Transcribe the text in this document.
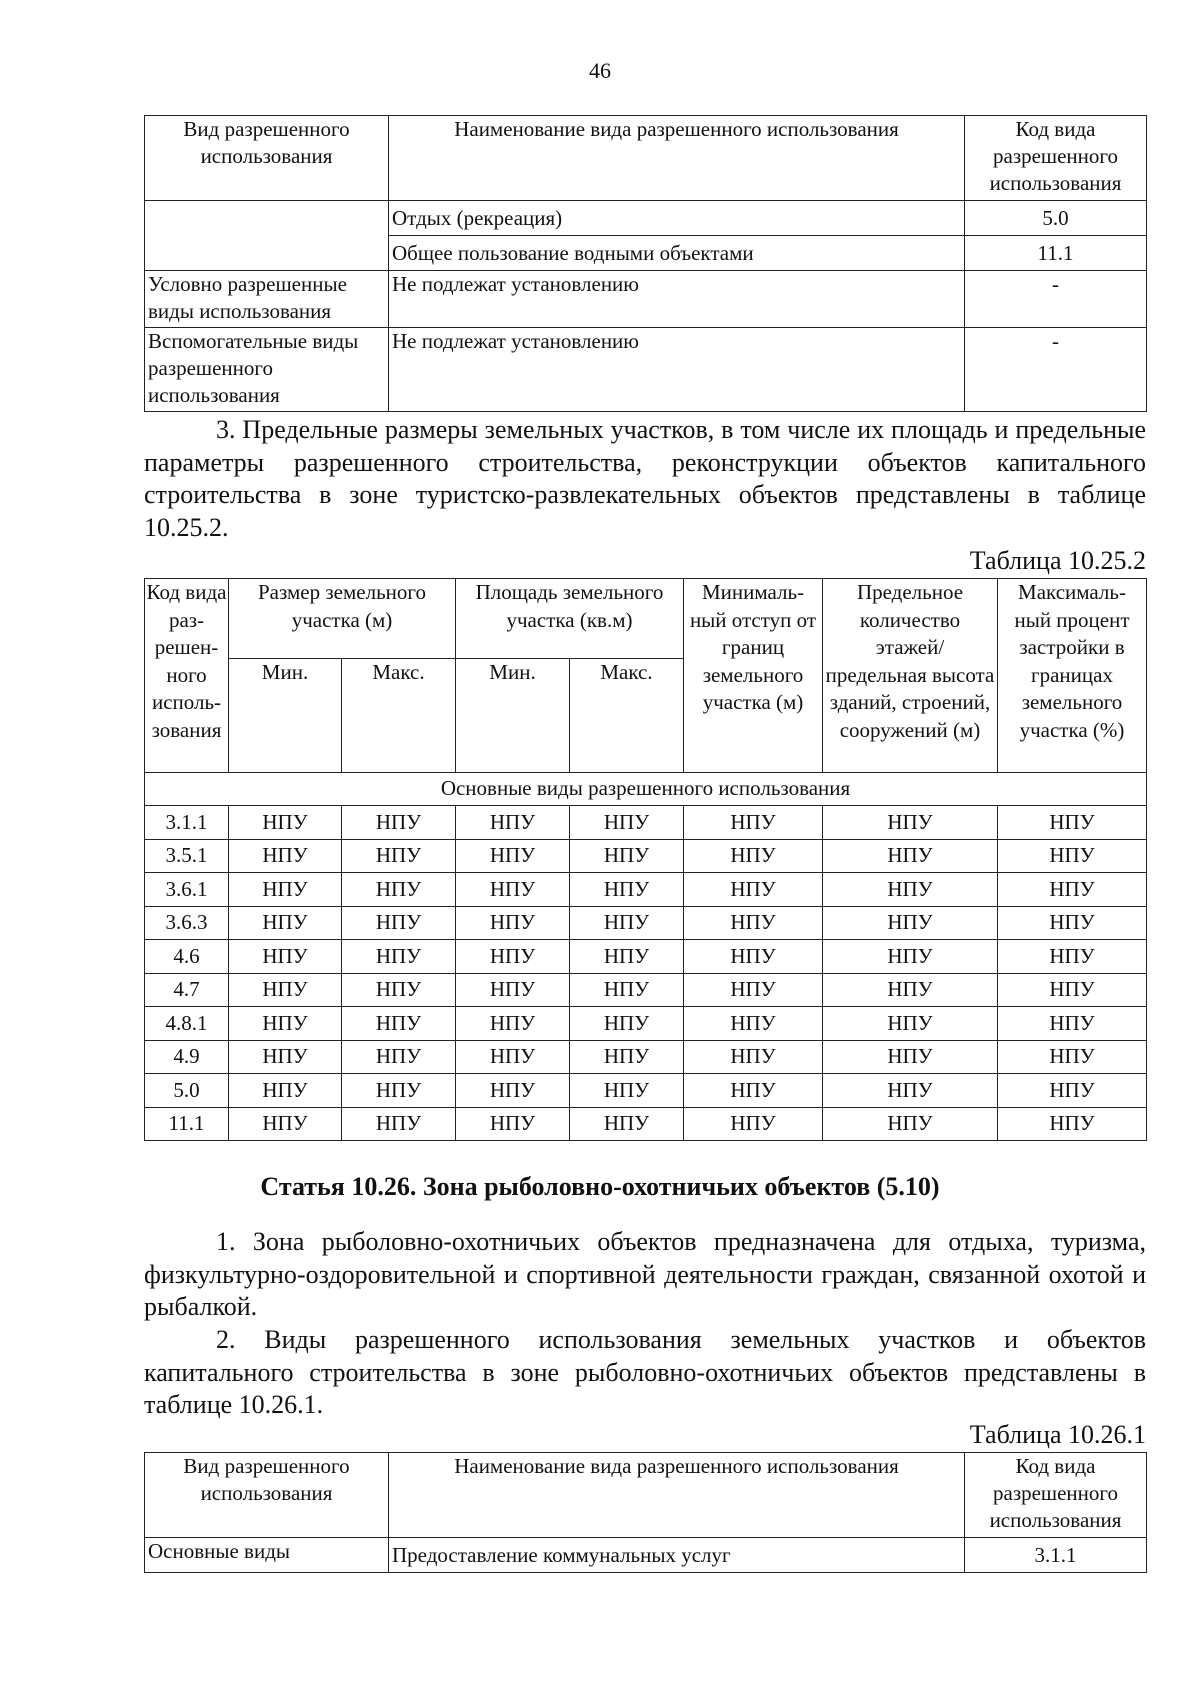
46
Вид разрешенного использования	Наименование вида разрешенного использования	Код вида разрешенного использования
	Отдых (рекреация)	5.0
	Общее пользование водными объектами	11.1
Условно разрешенные виды использования	Не подлежат установлению	-
Вспомогательные виды разрешенного использования	Не подлежат установлению	-

3. Предельные размеры земельных участков, в том числе их площадь и предельные параметры разрешенного строительства, реконструкции объектов капитального строительства в зоне туристско-развлекательных объектов представлены в таблице 10.25.2.

Таблица 10.25.2
Код вида раз- решен- ного исполь- зования	Размер земельного участка (м)		Площадь земельного участка (кв.м)		Минималь- ный отступ от границ земельного участка (м)	Предельное количество этажей/ предельная высота зданий, строений, сооружений (м)	Максималь- ный процент застройки в границах земельного участка (%)
	Мин.	Макс.	Мин.	Макс.			
Основные виды разрешенного использования							
3.1.1	НПУ	НПУ	НПУ	НПУ	НПУ	НПУ	НПУ
3.5.1	НПУ	НПУ	НПУ	НПУ	НПУ	НПУ	НПУ
3.6.1	НПУ	НПУ	НПУ	НПУ	НПУ	НПУ	НПУ
3.6.3	НПУ	НПУ	НПУ	НПУ	НПУ	НПУ	НПУ
4.6	НПУ	НПУ	НПУ	НПУ	НПУ	НПУ	НПУ
4.7	НПУ	НПУ	НПУ	НПУ	НПУ	НПУ	НПУ
4.8.1	НПУ	НПУ	НПУ	НПУ	НПУ	НПУ	НПУ
4.9	НПУ	НПУ	НПУ	НПУ	НПУ	НПУ	НПУ
5.0	НПУ	НПУ	НПУ	НПУ	НПУ	НПУ	НПУ
11.1	НПУ	НПУ	НПУ	НПУ	НПУ	НПУ	НПУ
Статья 10.26. Зона рыболовно-охотничьих объектов (5.10)

1. Зона рыболовно-охотничьих объектов предназначена для отдыха, туризма, физкультурно-оздоровительной и спортивной деятельности граждан, связанной охотой и рыбалкой.

2. Виды разрешенного использования земельных участков и объектов капитального строительства в зоне рыболовно-охотничьих объектов представлены в таблице 10.26.1.

Таблица 10.26.1
Вид разрешенного использования	Наименование вида разрешенного использования	Код вида разрешенного использования
Основные виды	Предоставление коммунальных услуг	3.1.1
